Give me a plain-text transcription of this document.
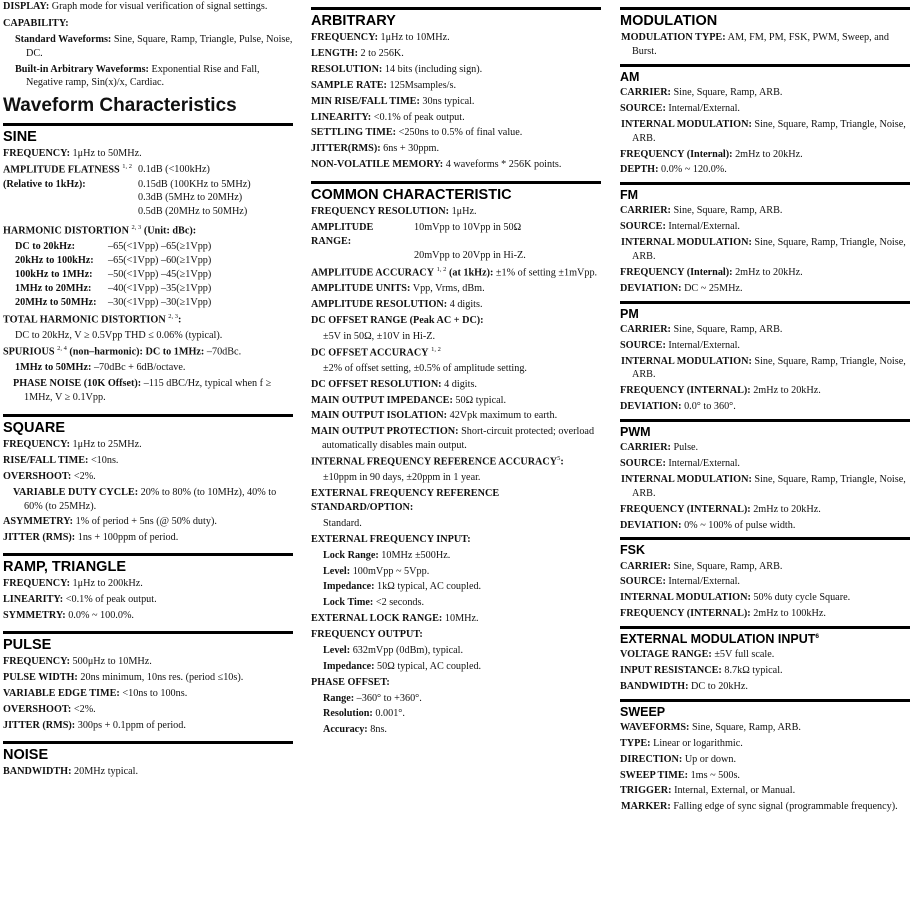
DISPLAY: Graph mode for visual verification of signal settings.

CAPABILITY:

Standard Waveforms: Sine, Square, Ramp, Triangle, Pulse, Noise, DC.

Built-in Arbitrary Waveforms: Exponential Rise and Fall, Negative ramp, Sin(x)/x, Cardiac.

Waveform Characteristics
SINE

FREQUENCY: 1μHz to 50MHz.

AMPLITUDE FLATNESS $^{1, 2}$	0.1dB (<100kHz)
(Relative to 1kHz):	0.15dB (100KHz to 5MHz)
	0.3dB (5MHz to 20MHz)
	0.5dB (20MHz to 50MHz)

HARMONIC DISTORTION $^{2, 3}$ (Unit: dBc):

DC to 20kHz:	–65(<1Vpp) –65(≥1Vpp)
20kHz to 100kHz:	–65(<1Vpp) –60(≥1Vpp)
100kHz to 1MHz:	–50(<1Vpp) –45(≥1Vpp)
1MHz to 20MHz:	–40(<1Vpp) –35(≥1Vpp)
20MHz to 50MHz:	–30(<1Vpp) –30(≥1Vpp)

TOTAL HARMONIC DISTORTION $^{2, 3}$:

DC to 20kHz, V ≥ 0.5Vpp THD ≤ 0.06% (typical).

SPURIOUS $^{2, 4}$ (non–harmonic): DC to 1MHz: –70dBc.

1MHz to 50MHz: –70dBc + 6dB/octave.

PHASE NOISE (10K Offset): –115 dBC/Hz, typical when f ≥ 1MHz, V ≥ 0.1Vpp.

SQUARE

FREQUENCY: 1μHz to 25MHz.

RISE/FALL TIME: <10ns.

OVERSHOOT: <2%.

VARIABLE DUTY CYCLE: 20% to 80% (to 10MHz), 40% to 60% (to 25MHz).

ASYMMETRY: 1% of period + 5ns (@ 50% duty).

JITTER (RMS): 1ns + 100ppm of period.

RAMP, TRIANGLE

FREQUENCY: 1μHz to 200kHz.

LINEARITY: <0.1% of peak output.

SYMMETRY: 0.0% ~ 100.0%.

PULSE

FREQUENCY: 500μHz to 10MHz.

PULSE WIDTH: 20ns minimum, 10ns res. (period ≤10s).

VARIABLE EDGE TIME: <10ns to 100ns.

OVERSHOOT: <2%.

JITTER (RMS): 300ps + 0.1ppm of period.

NOISE

BANDWIDTH: 20MHz typical.

ARBITRARY

FREQUENCY: 1μHz to 10MHz.

LENGTH: 2 to 256K.

RESOLUTION: 14 bits (including sign).

SAMPLE RATE: 125Msamples/s.

MIN RISE/FALL TIME: 30ns typical.

LINEARITY: <0.1% of peak output.

SETTLING TIME: <250ns to 0.5% of final value.

JITTER(RMS): 6ns + 30ppm.

NON-VOLATILE MEMORY: 4 waveforms * 256K points.

COMMON CHARACTERISTIC

FREQUENCY RESOLUTION: 1μHz.

AMPLITUDE RANGE:	10mVpp to 10Vpp in 50Ω
	20mVpp to 20Vpp in Hi-Z.

AMPLITUDE ACCURACY $^{1, 2}$ (at 1kHz): ±1% of setting ±1mVpp.

AMPLITUDE UNITS: Vpp, Vrms, dBm.

AMPLITUDE RESOLUTION: 4 digits.

DC OFFSET RANGE (Peak AC + DC):

±5V in 50Ω, ±10V in Hi-Z.

DC OFFSET ACCURACY $^{1, 2}$

±2% of offset setting, ±0.5% of amplitude setting.

DC OFFSET RESOLUTION: 4 digits.

MAIN OUTPUT IMPEDANCE: 50Ω typical.

MAIN OUTPUT ISOLATION: 42Vpk maximum to earth.

MAIN OUTPUT PROTECTION: Short-circuit protected; overload automatically disables main output.

INTERNAL FREQUENCY REFERENCE ACCURACY$^5$:

±10ppm in 90 days, ±20ppm in 1 year.

EXTERNAL FREQUENCY REFERENCE STANDARD/OPTION:

Standard.

EXTERNAL FREQUENCY INPUT:

Lock Range: 10MHz ±500Hz.

Level: 100mVpp ~ 5Vpp.

Impedance: 1kΩ typical, AC coupled.

Lock Time: <2 seconds.

EXTERNAL LOCK RANGE: 10MHz.

FREQUENCY OUTPUT:

Level: 632mVpp (0dBm), typical.

Impedance: 50Ω typical, AC coupled.

PHASE OFFSET:

Range: –360° to +360°.

Resolution: 0.001°.

Accuracy: 8ns.

MODULATION

MODULATION TYPE: AM, FM, PM, FSK, PWM, Sweep, and Burst.

AM

CARRIER: Sine, Square, Ramp, ARB.

SOURCE: Internal/External.

INTERNAL MODULATION: Sine, Square, Ramp, Triangle, Noise, ARB.

FREQUENCY (Internal): 2mHz to 20kHz.

DEPTH: 0.0% ~ 120.0%.

FM

CARRIER: Sine, Square, Ramp, ARB.

SOURCE: Internal/External.

INTERNAL MODULATION: Sine, Square, Ramp, Triangle, Noise, ARB.

FREQUENCY (Internal): 2mHz to 20kHz.

DEVIATION: DC ~ 25MHz.

PM

CARRIER: Sine, Square, Ramp, ARB.

SOURCE: Internal/External.

INTERNAL MODULATION: Sine, Square, Ramp, Triangle, Noise, ARB.

FREQUENCY (INTERNAL): 2mHz to 20kHz.

DEVIATION: 0.0° to 360°.

PWM

CARRIER: Pulse.

SOURCE: Internal/External.

INTERNAL MODULATION: Sine, Square, Ramp, Triangle, Noise, ARB.

FREQUENCY (INTERNAL): 2mHz to 20kHz.

DEVIATION: 0% ~ 100% of pulse width.

FSK

CARRIER: Sine, Square, Ramp, ARB.

SOURCE: Internal/External.

INTERNAL MODULATION: 50% duty cycle Square.

FREQUENCY (INTERNAL): 2mHz to 100kHz.

EXTERNAL MODULATION INPUT$^6$

VOLTAGE RANGE: ±5V full scale.

INPUT RESISTANCE: 8.7kΩ typical.

BANDWIDTH: DC to 20kHz.

SWEEP

WAVEFORMS: Sine, Square, Ramp, ARB.

TYPE: Linear or logarithmic.

DIRECTION: Up or down.

SWEEP TIME: 1ms ~ 500s.

TRIGGER: Internal, External, or Manual.

MARKER: Falling edge of sync signal (programmable frequency).
